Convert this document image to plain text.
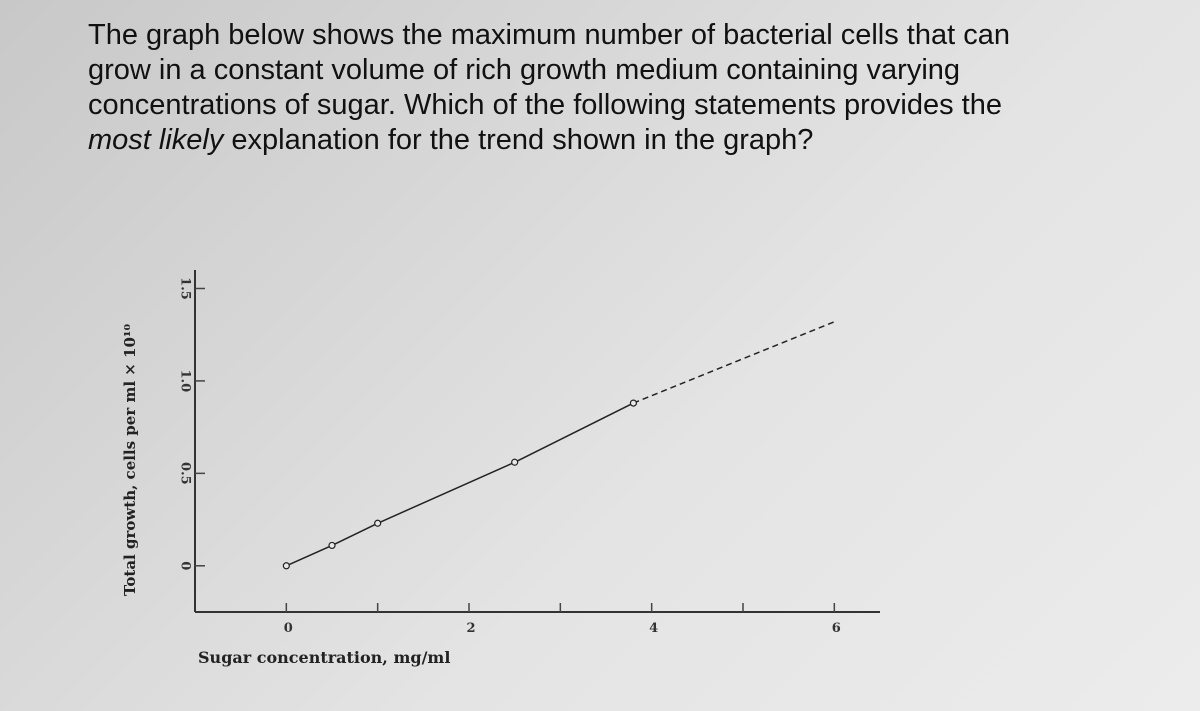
The graph below shows the maximum number of bacterial cells that can
grow in a constant volume of rich growth medium containing varying
concentrations of sugar. Which of the following statements provides the
most likely explanation for the trend shown in the graph?
0	2	4	6
0
0.5
1.0
1.5
Sugar concentration, mg/ml
Total growth, cells per ml × 10¹⁰
